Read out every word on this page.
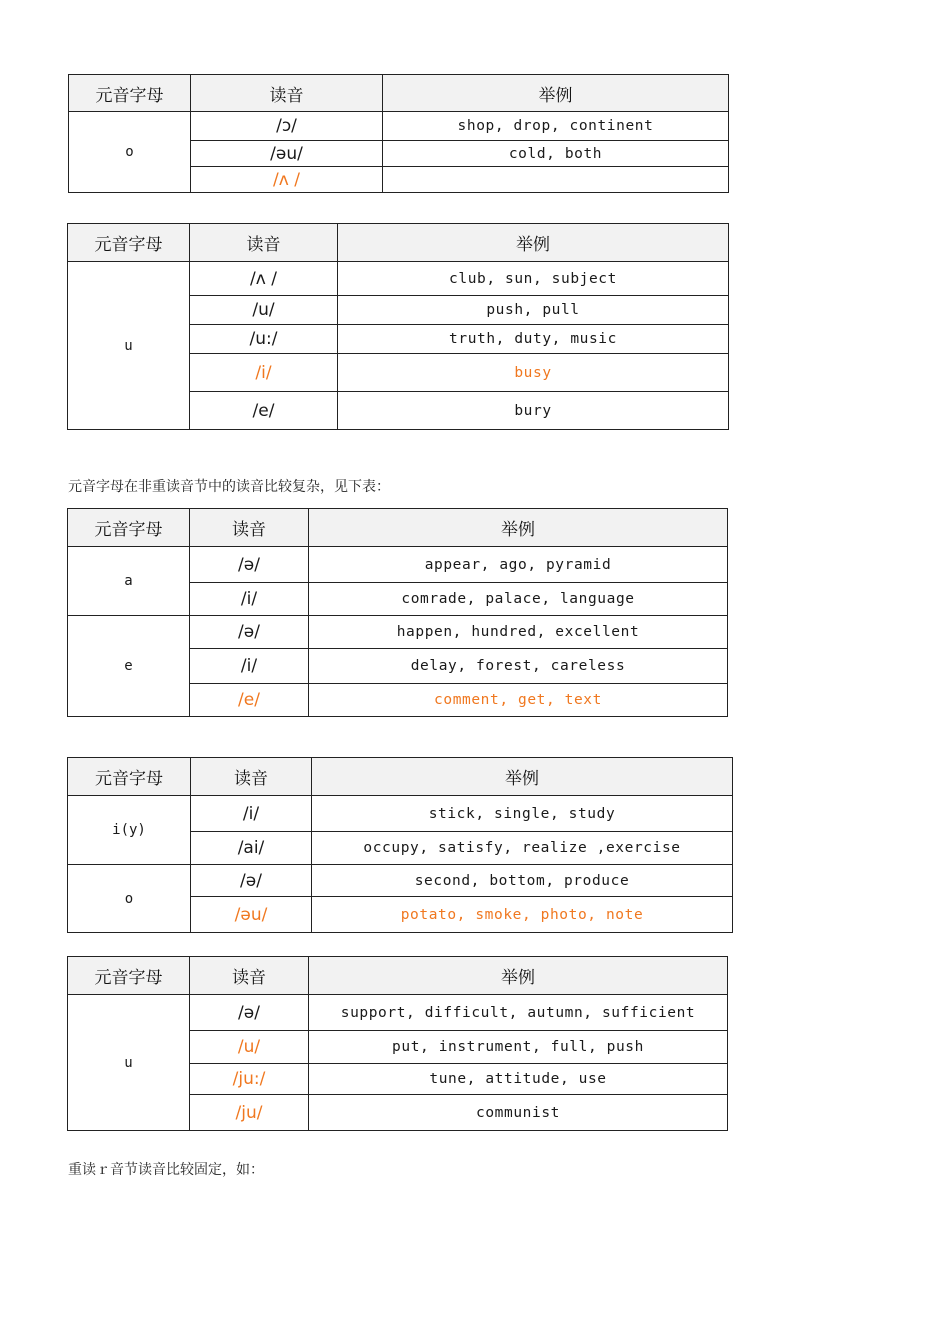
元音字母	读音	举例
o	/ɔ/	shop, drop, continent
	/əu/	cold, both
	/ʌ /	
元音字母	读音	举例
u	/ʌ /	club, sun, subject
	/u/	push, pull
	/u:/	truth, duty, music
	/i/	busy
	/e/	bury
元音字母	读音	举例
a	/ə/	appear, ago, pyramid
	/i/	comrade, palace, language
e	/ə/	happen, hundred, excellent
	/i/	delay, forest, careless
	/e/	comment, get, text
元音字母	读音	举例
i(y)	/i/	stick, single, study
	/ai/	occupy, satisfy, realize ,exercise
o	/ə/	second, bottom, produce
	/əu/	potato, smoke, photo, note
元音字母	读音	举例
u	/ə/	support, difficult, autumn, sufficient
	/u/	put, instrument, full, push
	/ju:/	tune, attitude, use
	/ju/	communist
元音字母在非重读音节中的读音比较复杂，见下表：
重读ｒ音节读音比较固定，如：
